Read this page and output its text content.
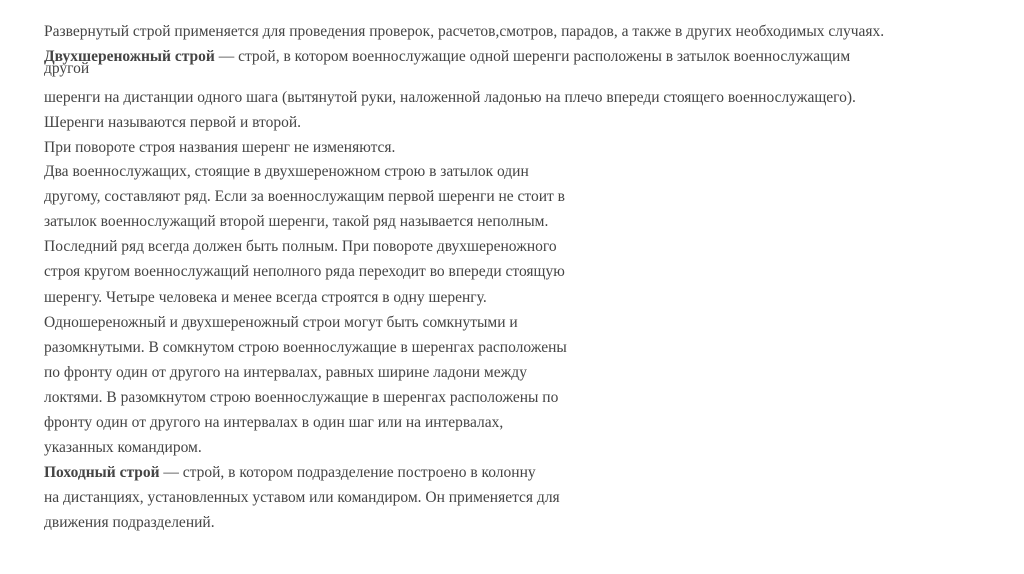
Развернутый строй применяется для проведения проверок, расчетов,смотров, парадов, а также в других необходимых случаях.
Двухшереножный строй — строй, в котором военнослужащие одной шеренги расположены в затылок военнослужащим
другой
шеренги на дистанции одного шага (вытянутой руки, наложенной ладонью на плечо впереди стоящего военнослужащего).
Шеренги называются первой и второй.
При повороте строя названия шеренг не изменяются.
Два военнослужащих, стоящие в двухшереножном строю в затылок один
другому, составляют ряд. Если за военнослужащим первой шеренги не стоит в
затылок военнослужащий второй шеренги, такой ряд называется неполным.
Последний ряд всегда должен быть полным. При повороте двухшереножного
строя кругом военнослужащий неполного ряда переходит во впереди стоящую
шеренгу. Четыре человека и менее всегда строятся в одну шеренгу.
Одношереножный и двухшереножный строи могут быть сомкнутыми и
разомкнутыми. В сомкнутом строю военнослужащие в шеренгах расположены
по фронту один от другого на интервалах, равных ширине ладони между
локтями. В разомкнутом строю военнослужащие в шеренгах расположены по
фронту один от другого на интервалах в один шаг или на интервалах,
указанных командиром.
Походный строй — строй, в котором подразделение построено в колонну
на дистанциях, установленных уставом или командиром. Он применяется для
движения подразделений.
